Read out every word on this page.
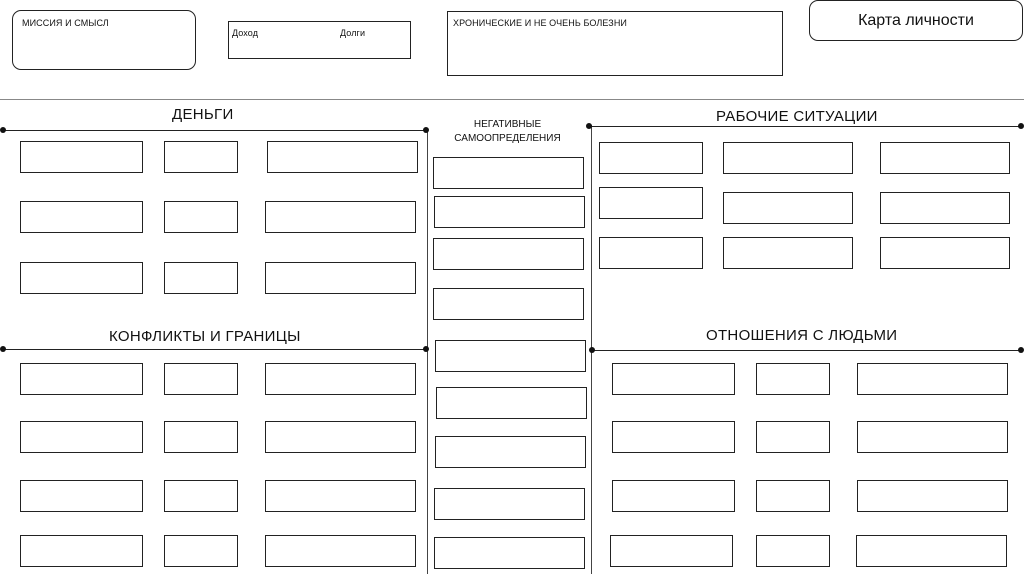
МИССИЯ И СМЫСЛ
Доход	Долги
ХРОНИЧЕСКИЕ И НЕ ОЧЕНЬ БОЛЕЗНИ	Карта личности
ДЕНЬГИ
КОНФЛИКТЫ И ГРАНИЦЫ
НЕГАТИВНЫЕ САМООПРЕДЕЛЕНИЯ
РАБОЧИЕ СИТУАЦИИ
ОТНОШЕНИЯ С ЛЮДЬМИ
